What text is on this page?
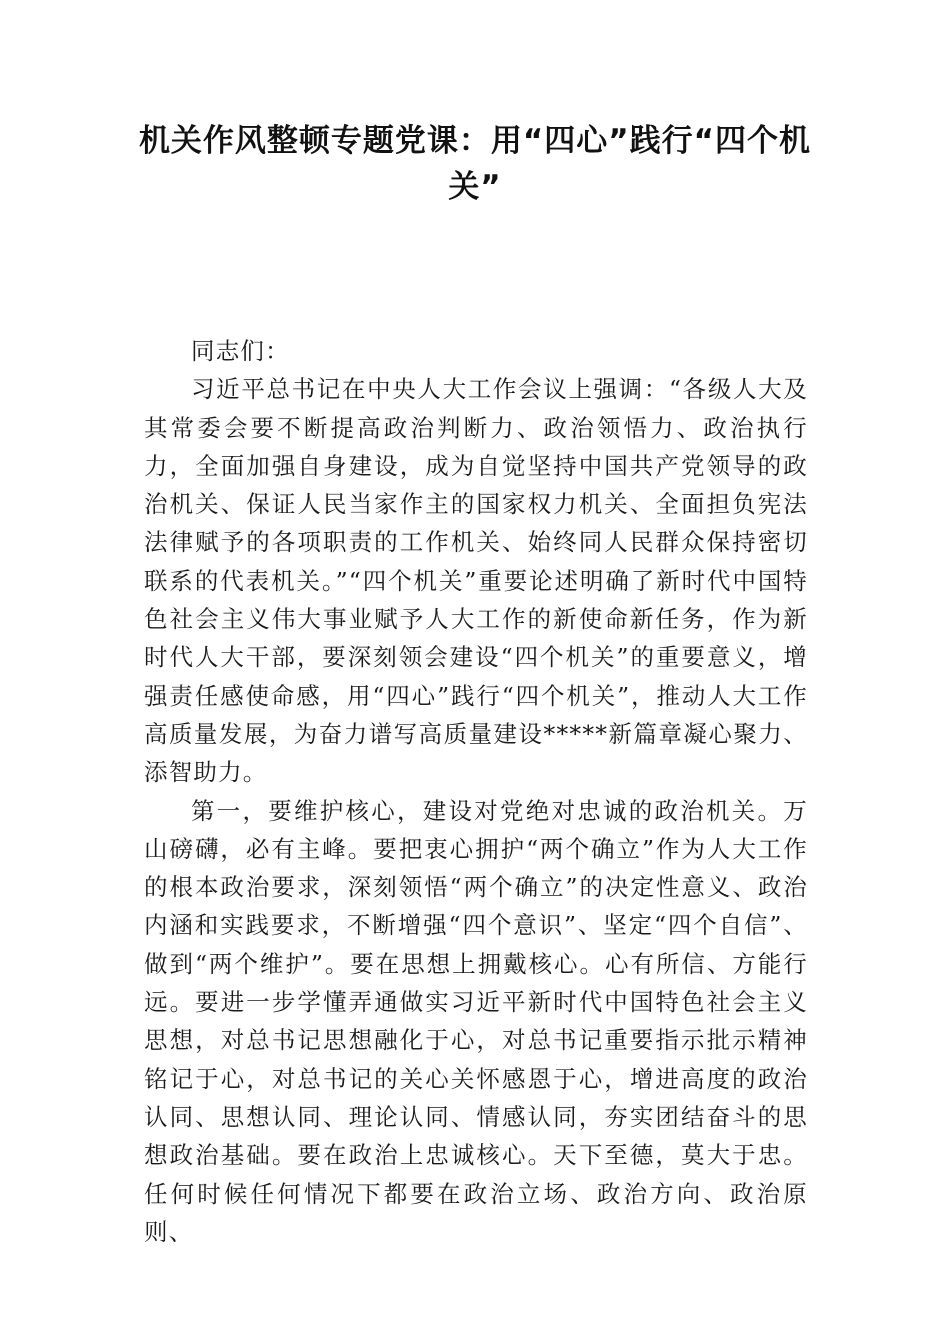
机关作风整顿专题党课：用“四心”践行“四个机关”

同志们：

习近平总书记在中央人大工作会议上强调：“各级人大及其常委会要不断提高政治判断力、政治领悟力、政治执行力，全面加强自身建设，成为自觉坚持中国共产党领导的政治机关、保证人民当家作主的国家权力机关、全面担负宪法法律赋予的各项职责的工作机关、始终同人民群众保持密切联系的代表机关。”“四个机关”重要论述明确了新时代中国特色社会主义伟大事业赋予人大工作的新使命新任务，作为新时代人大干部，要深刻领会建设“四个机关”的重要意义，增强责任感使命感，用“四心”践行“四个机关”，推动人大工作高质量发展，为奋力谱写高质量建设*****新篇章凝心聚力、添智助力。

第一，要维护核心，建设对党绝对忠诚的政治机关。万山磅礴，必有主峰。要把衷心拥护“两个确立”作为人大工作的根本政治要求，深刻领悟“两个确立”的决定性意义、政治内涵和实践要求，不断增强“四个意识”、坚定“四个自信”、做到“两个维护”。要在思想上拥戴核心。心有所信、方能行远。要进一步学懂弄通做实习近平新时代中国特色社会主义思想，对总书记思想融化于心，对总书记重要指示批示精神铭记于心，对总书记的关心关怀感恩于心，增进高度的政治认同、思想认同、理论认同、情感认同，夯实团结奋斗的思想政治基础。要在政治上忠诚核心。天下至德，莫大于忠。任何时候任何情况下都要在政治立场、政治方向、政治原则、
